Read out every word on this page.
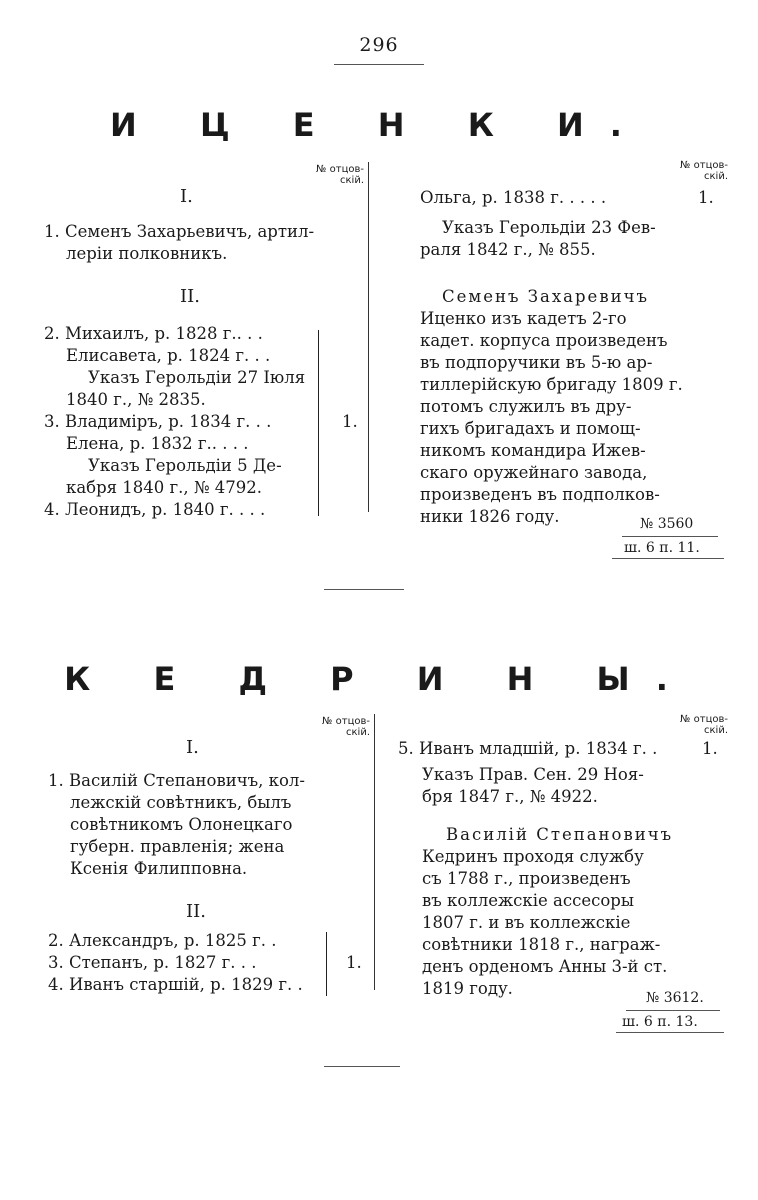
296
И Ц Е Н К И.
№ отцов-
скій.
I.
1. Семенъ Захарьевичъ, артил-
леріи полковникъ.
II.
2. Михаилъ, р. 1828 г.. . .
Елисавета, р. 1824 г. . .
Указъ Герольдіи 27 Іюля
1840 г., № 2835.
3. Владиміръ, р. 1834 г. . .
Елена, р. 1832 г.. . . .
Указъ Герольдіи 5 Де-
кабря 1840 г., № 4792.
4. Леонидъ, р. 1840 г. . . .
1.
№ отцов-
скій.
Ольга, р. 1838 г. . . . .	1.
Указъ Герольдіи 23 Фев-
раля 1842 г., № 855.
Семенъ Захаревичъ
Иценко изъ кадетъ 2-го
кадет. корпуса произведенъ
въ подпоручики въ 5-ю ар-
тиллерійскую бригаду 1809 г.
потомъ служилъ въ дру-
гихъ бригадахъ и помощ-
никомъ командира Ижев-
скаго оружейнаго завода,
произведенъ въ подполков-
ники 1826 году.	№ 3560
ш. 6 п. 11.
К Е Д Р И Н Ы.
№ отцов-
скій.
I.
1. Василій Степановичъ, кол-
лежскій совѣтникъ, былъ
совѣтникомъ Олонецкаго
губерн. правленія; жена
Ксенія Филипповна.
II.
2. Александръ, р. 1825 г. .
3. Степанъ, р. 1827 г. . .
4. Иванъ старшій, р. 1829 г. .
1.
№ отцов-
скій.
5. Иванъ младшій, р. 1834 г. .	1.
Указъ Прав. Сен. 29 Ноя-
бря 1847 г., № 4922.
Василій Степановичъ
Кедринъ проходя службу
съ 1788 г., произведенъ
въ коллежскіе ассесоры
1807 г. и въ коллежскіе
совѣтники 1818 г., награж-
денъ орденомъ Анны 3-й ст.
1819 году.	№ 3612.
ш. 6 п. 13.
